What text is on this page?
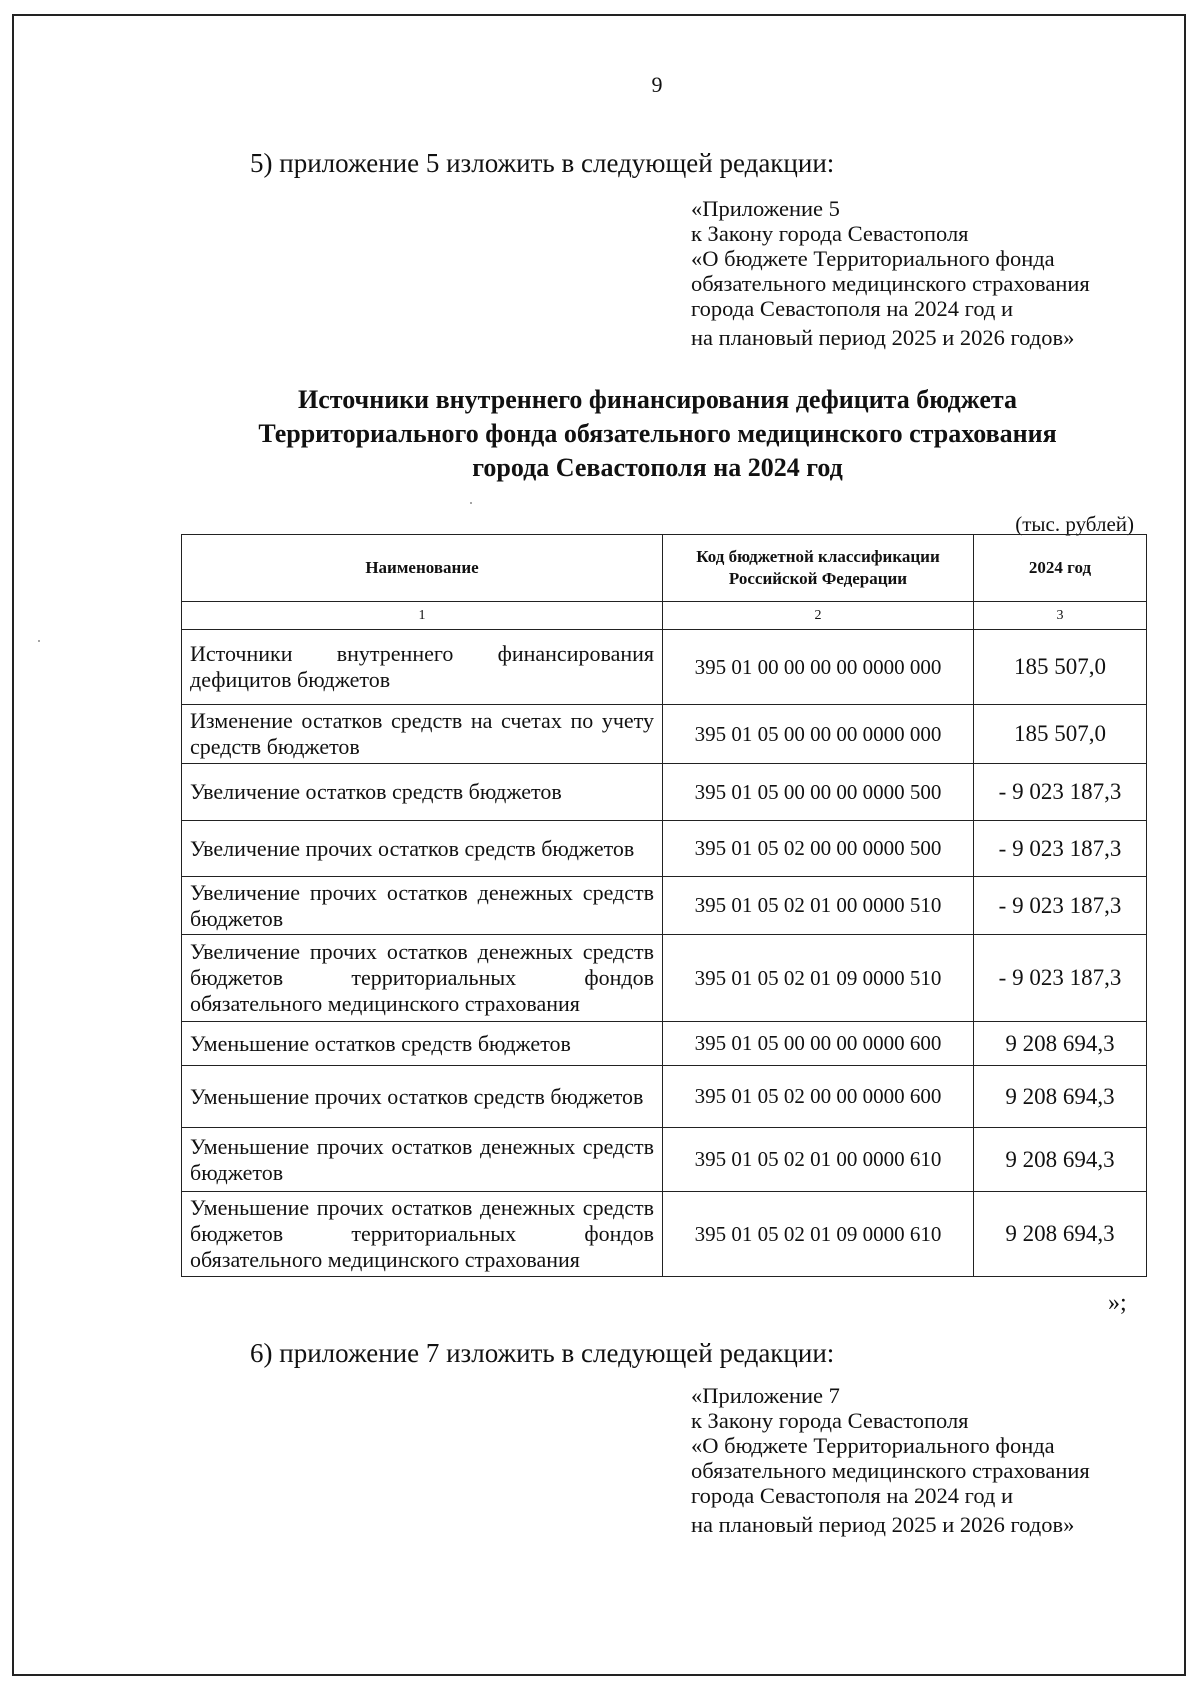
9
5) приложение 5 изложить в следующей редакции:
«Приложение 5
к Закону города Севастополя
«О бюджете Территориального фонда
обязательного медицинского страхования
города Севастополя на 2024 год и
на плановый период 2025 и 2026 годов»
Источники внутреннего финансирования дефицита бюджета
Территориального фонда обязательного медицинского страхования
города Севастополя на 2024 год
(тыс. рублей)
Наименование	Код бюджетной классификации Российской Федерации	2024 год
1	2	3
Источники внутреннего финансирования дефицитов бюджетов	395 01 00 00 00 00 0000 000	185 507,0
Изменение остатков средств на счетах по учету средств бюджетов	395 01 05 00 00 00 0000 000	185 507,0
Увеличение остатков средств бюджетов	395 01 05 00 00 00 0000 500	- 9 023 187,3
Увеличение прочих остатков средств бюджетов	395 01 05 02 00 00 0000 500	- 9 023 187,3
Увеличение прочих остатков денежных средств бюджетов	395 01 05 02 01 00 0000 510	- 9 023 187,3
Увеличение прочих остатков денежных средств бюджетов территориальных фондов обязательного медицинского страхования	395 01 05 02 01 09 0000 510	- 9 023 187,3
Уменьшение остатков средств бюджетов	395 01 05 00 00 00 0000 600	9 208 694,3
Уменьшение прочих остатков средств бюджетов	395 01 05 02 00 00 0000 600	9 208 694,3
Уменьшение прочих остатков денежных средств бюджетов	395 01 05 02 01 00 0000 610	9 208 694,3
Уменьшение прочих остатков денежных средств бюджетов территориальных фондов обязательного медицинского страхования	395 01 05 02 01 09 0000 610	9 208 694,3
»;
6) приложение 7 изложить в следующей редакции:
«Приложение 7
к Закону города Севастополя
«О бюджете Территориального фонда
обязательного медицинского страхования
города Севастополя на 2024 год и
на плановый период 2025 и 2026 годов»
